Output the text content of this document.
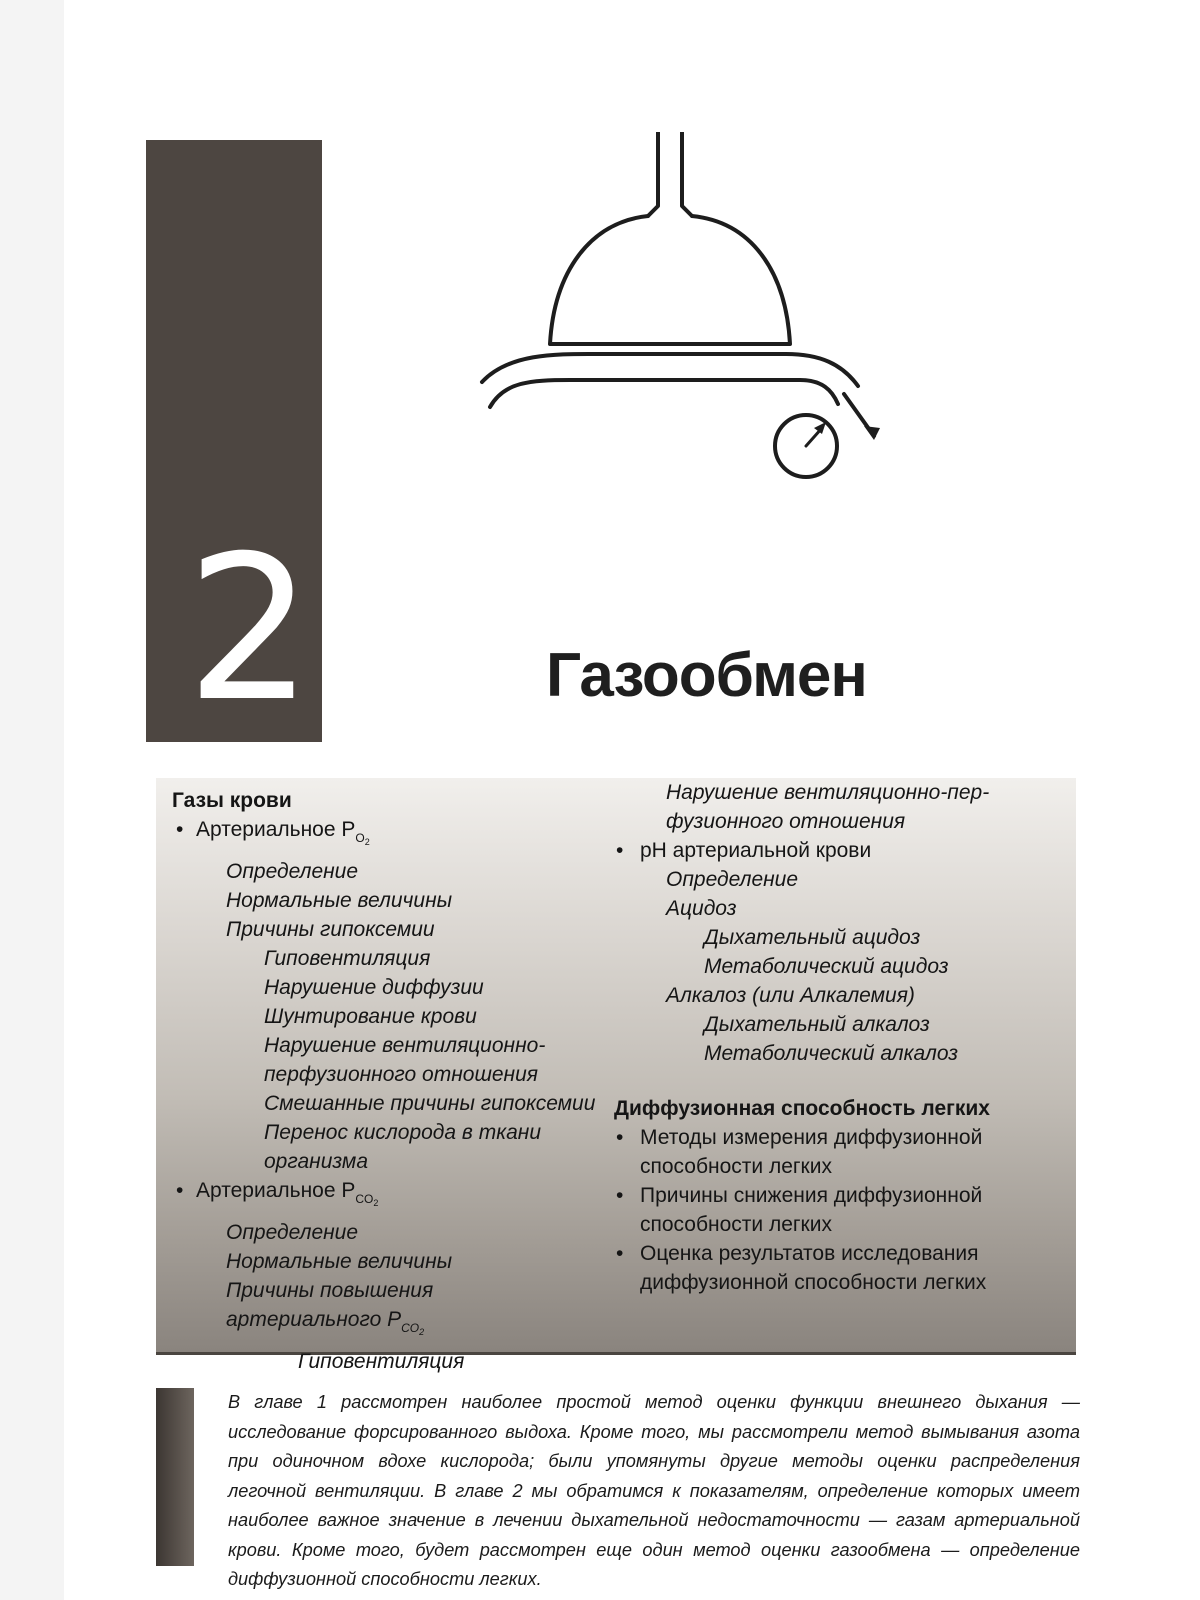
2	Газообмен
Газы крови
• Артериальное $P_{O_2}$
Определение
Нормальные величины
Причины гипоксемии
Гиповентиляция
Нарушение диффузии
Шунтирование крови
Нарушение вентиляционно-
перфузионного отношения
Смешанные причины гипоксемии
Перенос кислорода в ткани
организма
• Артериальное $P_{CO_2}$
Определение
Нормальные величины
Причины повышения
артериального $P_{CO_2}$
Гиповентиляция
Нарушение вентиляционно-пер-
фузионного отношения
• pH артериальной крови
Определение
Ацидоз
Дыхательный ацидоз
Метаболический ацидоз
Алкалоз (или Алкалемия)
Дыхательный алкалоз
Метаболический алкалоз
Диффузионная способность легких
• Методы измерения диффузионной
способности легких
• Причины снижения диффузионной
способности легких
• Оценка результатов исследования
диффузионной способности легких

В главе 1 рассмотрен наиболее простой метод оценки функции внешнего дыхания — исследование форсированного выдоха. Кроме того, мы рассмотрели метод вымывания азота при одиночном вдохе кислорода; были упомянуты другие методы оценки распределения легочной вентиляции. В главе 2 мы обратимся к показателям, определение которых имеет наиболее важное значение в лечении дыхательной недостаточности — газам артериальной крови. Кроме того, будет рассмотрен еще один метод оценки газообмена — определение диффузионной способности легких.
